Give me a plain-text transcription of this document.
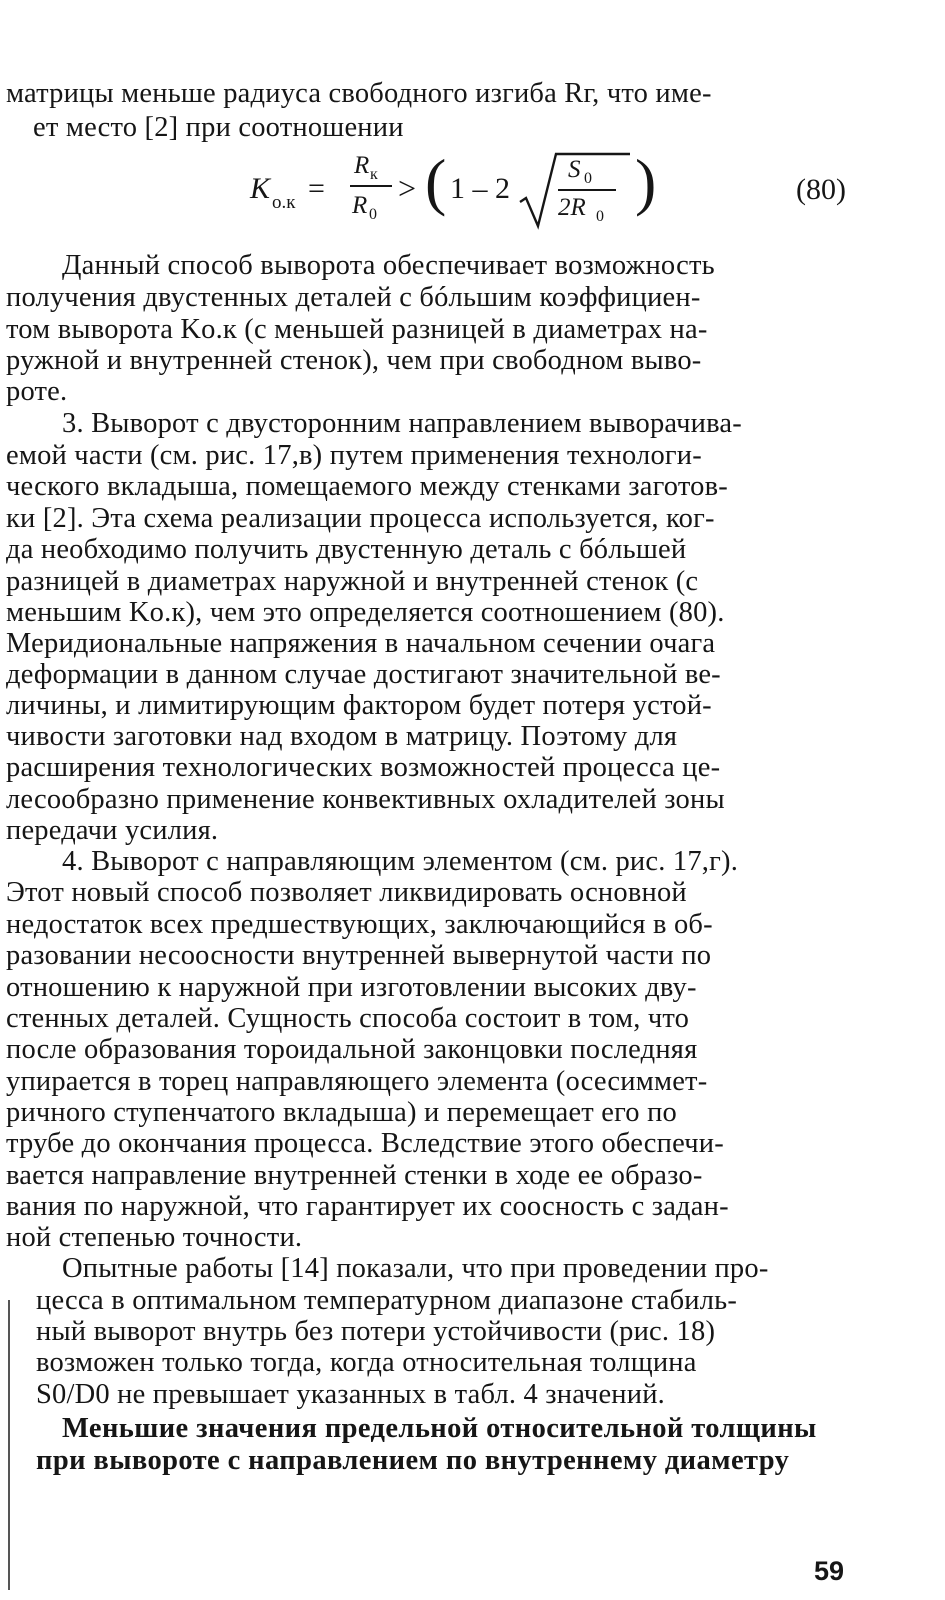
матрицы меньше радиуса свободного изгиба Rг, что име-
ет место [2] при соотношении
K о.к =
R к
R 0
> ( 1 – 2
S 0
2R 0 )	(80)
Данный способ выворота обеспечивает возможность
получения двустенных деталей с бóльшим коэффициен-
том выворота Kо.к (с меньшей разницей в диаметрах на-
ружной и внутренней стенок), чем при свободном выво-
роте.
3. Выворот с двусторонним направлением выворачива-
емой части (см. рис. 17,в) путем применения технологи-
ческого вкладыша, помещаемого между стенками заготов-
ки [2]. Эта схема реализации процесса используется, ког-
да необходимо получить двустенную деталь с бóльшей
разницей в диаметрах наружной и внутренней стенок (с
меньшим Kо.к), чем это определяется соотношением (80).
Меридиональные напряжения в начальном сечении очага
деформации в данном случае достигают значительной ве-
личины, и лимитирующим фактором будет потеря устой-
чивости заготовки над входом в матрицу. Поэтому для
расширения технологических возможностей процесса це-
лесообразно применение конвективных охладителей зоны
передачи усилия.
4. Выворот с направляющим элементом (см. рис. 17,г).
Этот новый способ позволяет ликвидировать основной
недостаток всех предшествующих, заключающийся в об-
разовании несоосности внутренней вывернутой части по
отношению к наружной при изготовлении высоких дву-
стенных деталей. Сущность способа состоит в том, что
после образования тороидальной законцовки последняя
упирается в торец направляющего элемента (осесиммет-
ричного ступенчатого вкладыша) и перемещает его по
трубе до окончания процесса. Вследствие этого обеспечи-
вается направление внутренней стенки в ходе ее образо-
вания по наружной, что гарантирует их соосность с задан-
ной степенью точности.
Опытные работы [14] показали, что при проведении про-
цесса в оптимальном температурном диапазоне стабиль-
ный выворот внутрь без потери устойчивости (рис. 18)
возможен только тогда, когда относительная толщина
S0/D0 не превышает указанных в табл. 4 значений.
Меньшие значения предельной относительной толщины
при вывороте с направлением по внутреннему диаметру
59
